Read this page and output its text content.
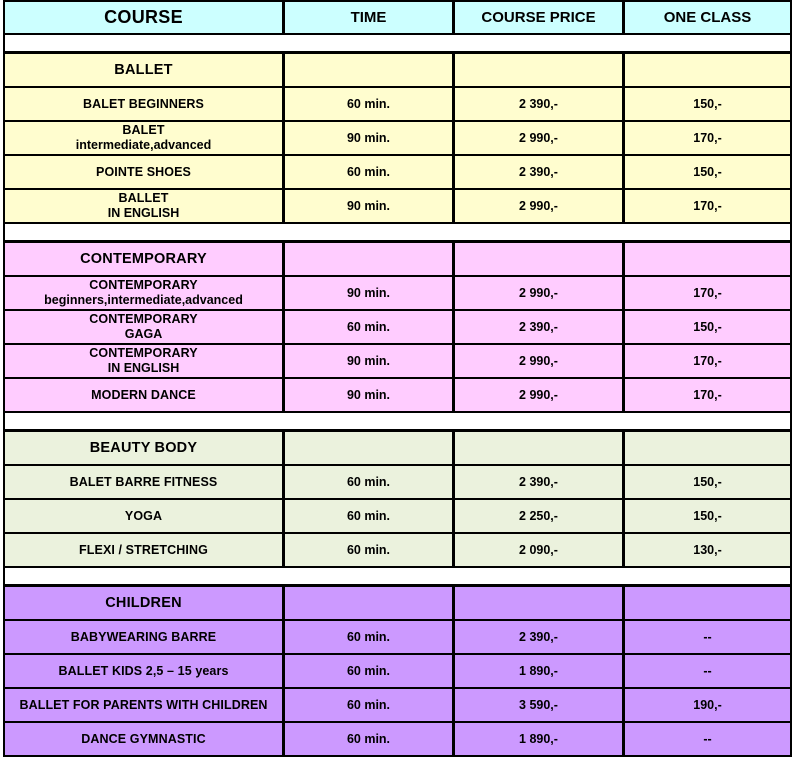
COURSE	TIME	COURSE PRICE	ONE CLASS
BALLET
BALET BEGINNERS	60 min.	2 390,-	150,-
BALET
intermediate,advanced
90 min.	2 990,-	170,-
POINTE SHOES	60 min.	2 390,-	150,-
BALLET
IN ENGLISH
90 min.	2 990,-	170,-
CONTEMPORARY
CONTEMPORARY
beginners,intermediate,advanced
90 min.	2 990,-	170,-
CONTEMPORARY
GAGA
60 min.	2 390,-	150,-
CONTEMPORARY
IN ENGLISH
90 min.	2 990,-	170,-
MODERN DANCE	90 min.	2 990,-	170,-
BEAUTY BODY
BALET BARRE FITNESS	60 min.	2 390,-	150,-
YOGA	60 min.	2 250,-	150,-
FLEXI / STRETCHING	60 min.	2 090,-	130,-
CHILDREN
BABYWEARING BARRE	60 min.	2 390,-	--
BALLET KIDS 2,5 – 15 years	60 min.	1 890,-	--
BALLET FOR PARENTS WITH CHILDREN	60 min.	3 590,-	190,-
DANCE GYMNASTIC	60 min.	1 890,-	--
